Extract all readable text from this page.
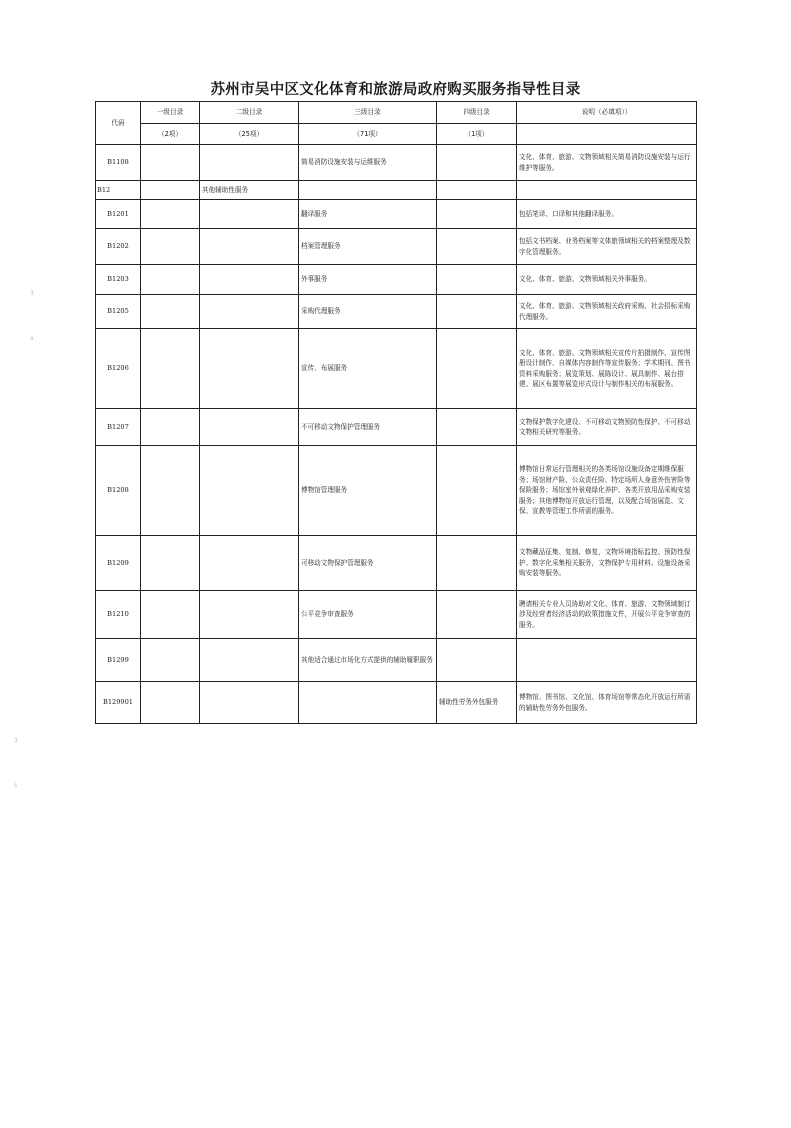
苏州市吴中区文化体育和旅游局政府购买服务指导性目录
代码	一级目录	二级目录	三级目录	四级目录	说明（必填项））
	（2项）	（25项）	（71项）	（1项）	
B1108			简易消防设施安装与运维服务		文化、体育、旅游、文物领域相关简易消防设施安装与运行维护等服务。
B12		其他辅助性服务			
B1201			翻译服务		包括笔译、口译和其他翻译服务。
B1202			档案管理服务		包括文书档案、业务档案等文体旅领域相关的档案整理及数字化管理服务。
B1203			外事服务		文化、体育、旅游、文物领域相关外事服务。
B1205			采购代理服务		文化、体育、旅游、文物领域相关政府采购、社会招标采购代理服务。
B1206			宣传、布展服务		文化、体育、旅游、文物领域相关宣传片拍摄制作、宣传图册设计制作、自媒体内容制作等宣传服务；学术期刊、图书资料采购服务；展览策划、展陈设计、展具制作、展台搭建、展区布置等展览形式设计与制作相关的布展服务。
B1207			不可移动文物保护管理服务		文物保护数字化建设、不可移动文物预防性保护、不可移动文物相关研究等服务。
B1208			博物馆管理服务		博物馆日常运行管理相关的各类场馆设施设备定期维保服务；场馆财产险、公众责任险、特定场所人身意外伤害险等保险服务；场馆室外景观绿化养护、各类开放用品采购安装服务；其他博物馆开放运行管理，以及配合场馆展览、文保、宣教等管理工作所需的服务。
B1209			可移动文物保护管理服务		文物藏品征集、复制、修复，文物环境指标监控、预防性保护、数字化采集相关服务，文物保护专用材料、设施设备采购安装等服务。
B1210			公平竞争审查服务		聘请相关专业人员协助对文化、体育、旅游、文物领域制订涉及经营者经济活动的政策措施文件，开展公平竞争审查的服务。
B1299			其他适合通过市场化方式提供的辅助履职服务		
B129901				辅助性劳务外包服务	博物馆、图书馆、文化馆、体育场馆等常态化开放运行所需的辅助性劳务外包服务。
3
a
3
s
